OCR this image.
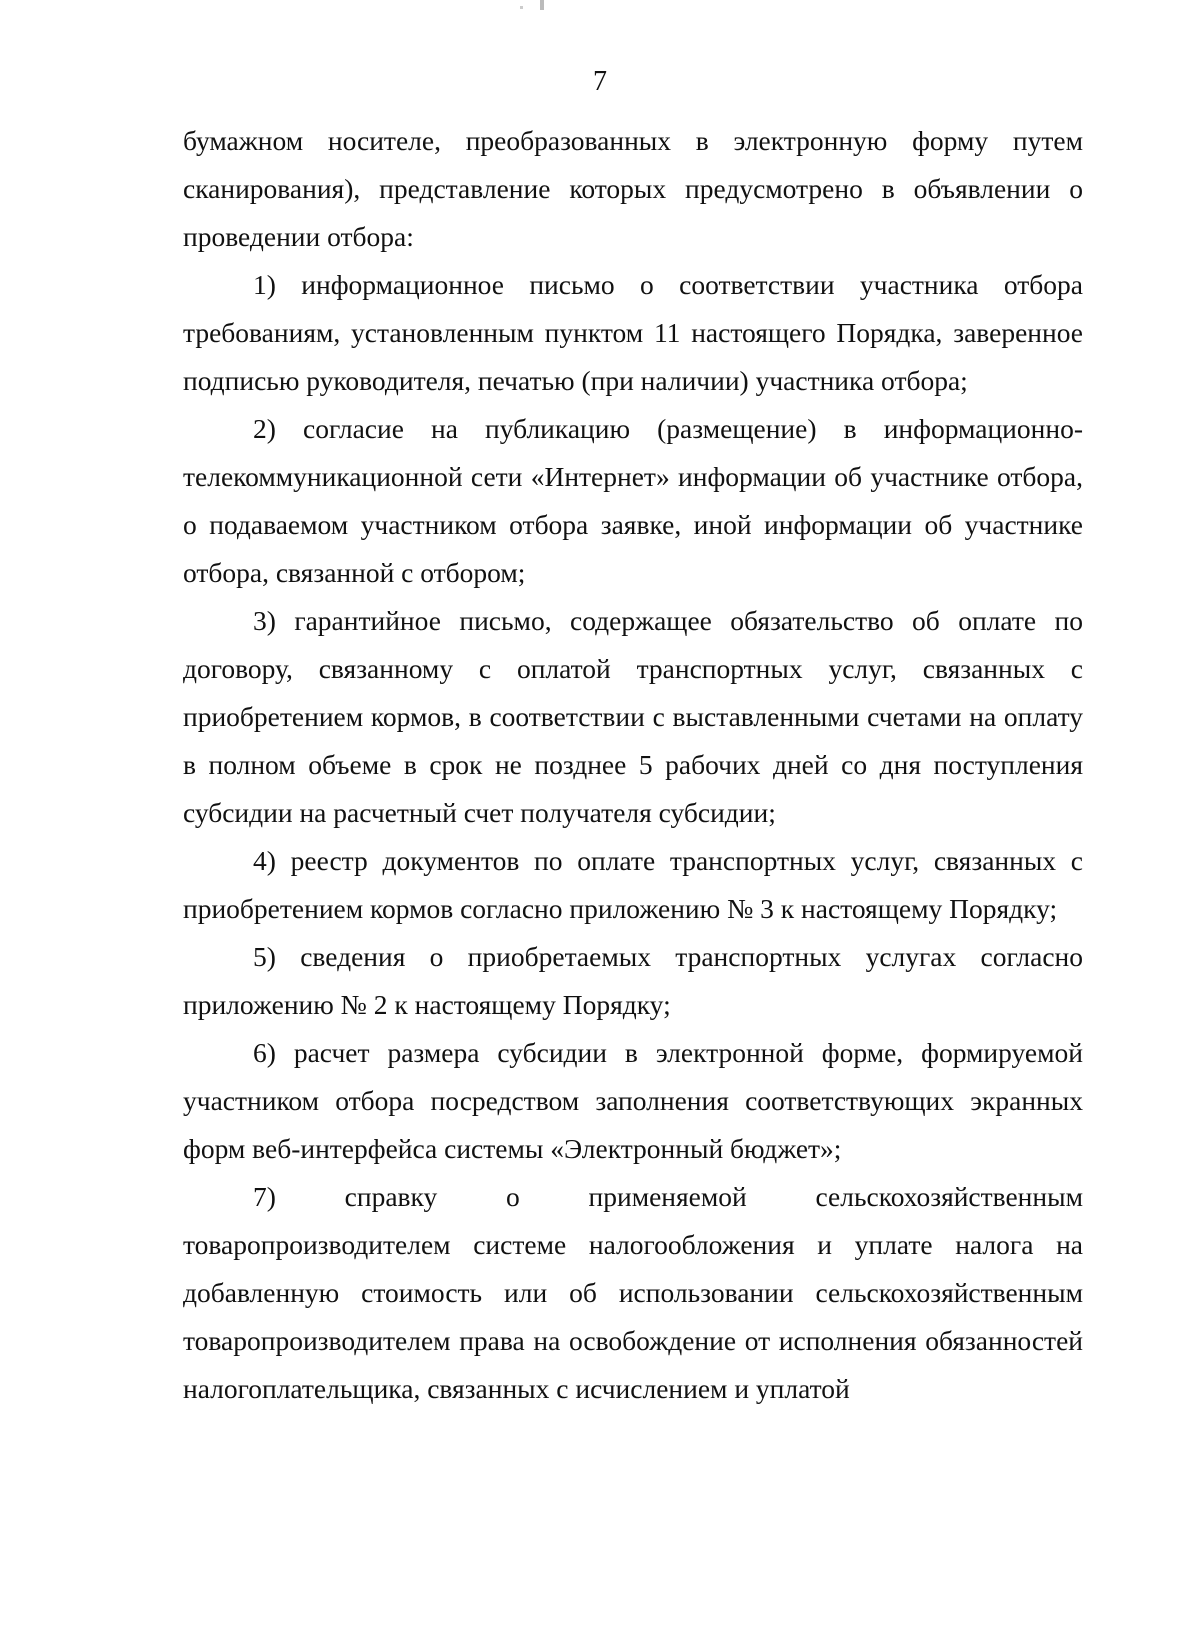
7

бумажном носителе, преобразованных в электронную форму путем сканирования), представление которых предусмотрено в объявлении о проведении отбора:

1) информационное письмо о соответствии участника отбора требованиям, установленным пунктом 11 настоящего Порядка, заверенное подписью руководителя, печатью (при наличии) участника отбора;

2) согласие на публикацию (размещение) в информационно-телекоммуникационной сети «Интернет» информации об участнике отбора, о подаваемом участником отбора заявке, иной информации об участнике отбора, связанной с отбором;

3) гарантийное письмо, содержащее обязательство об оплате по договору, связанному с оплатой транспортных услуг, связанных с приобретением кормов, в соответствии с выставленными счетами на оплату в полном объеме в срок не позднее 5 рабочих дней со дня поступления субсидии на расчетный счет получателя субсидии;

4) реестр документов по оплате транспортных услуг, связанных с приобретением кормов согласно приложению № 3 к настоящему Порядку;

5) сведения о приобретаемых транспортных услугах согласно приложению № 2 к настоящему Порядку;

6) расчет размера субсидии в электронной форме, формируемой участником отбора посредством заполнения соответствующих экранных форм веб-интерфейса системы «Электронный бюджет»;

7) справку о применяемой сельскохозяйственным товаропроизводителем системе налогообложения и уплате налога на добавленную стоимость или об использовании сельскохозяйственным товаропроизводителем права на освобождение от исполнения обязанностей налогоплательщика, связанных с исчислением и уплатой
